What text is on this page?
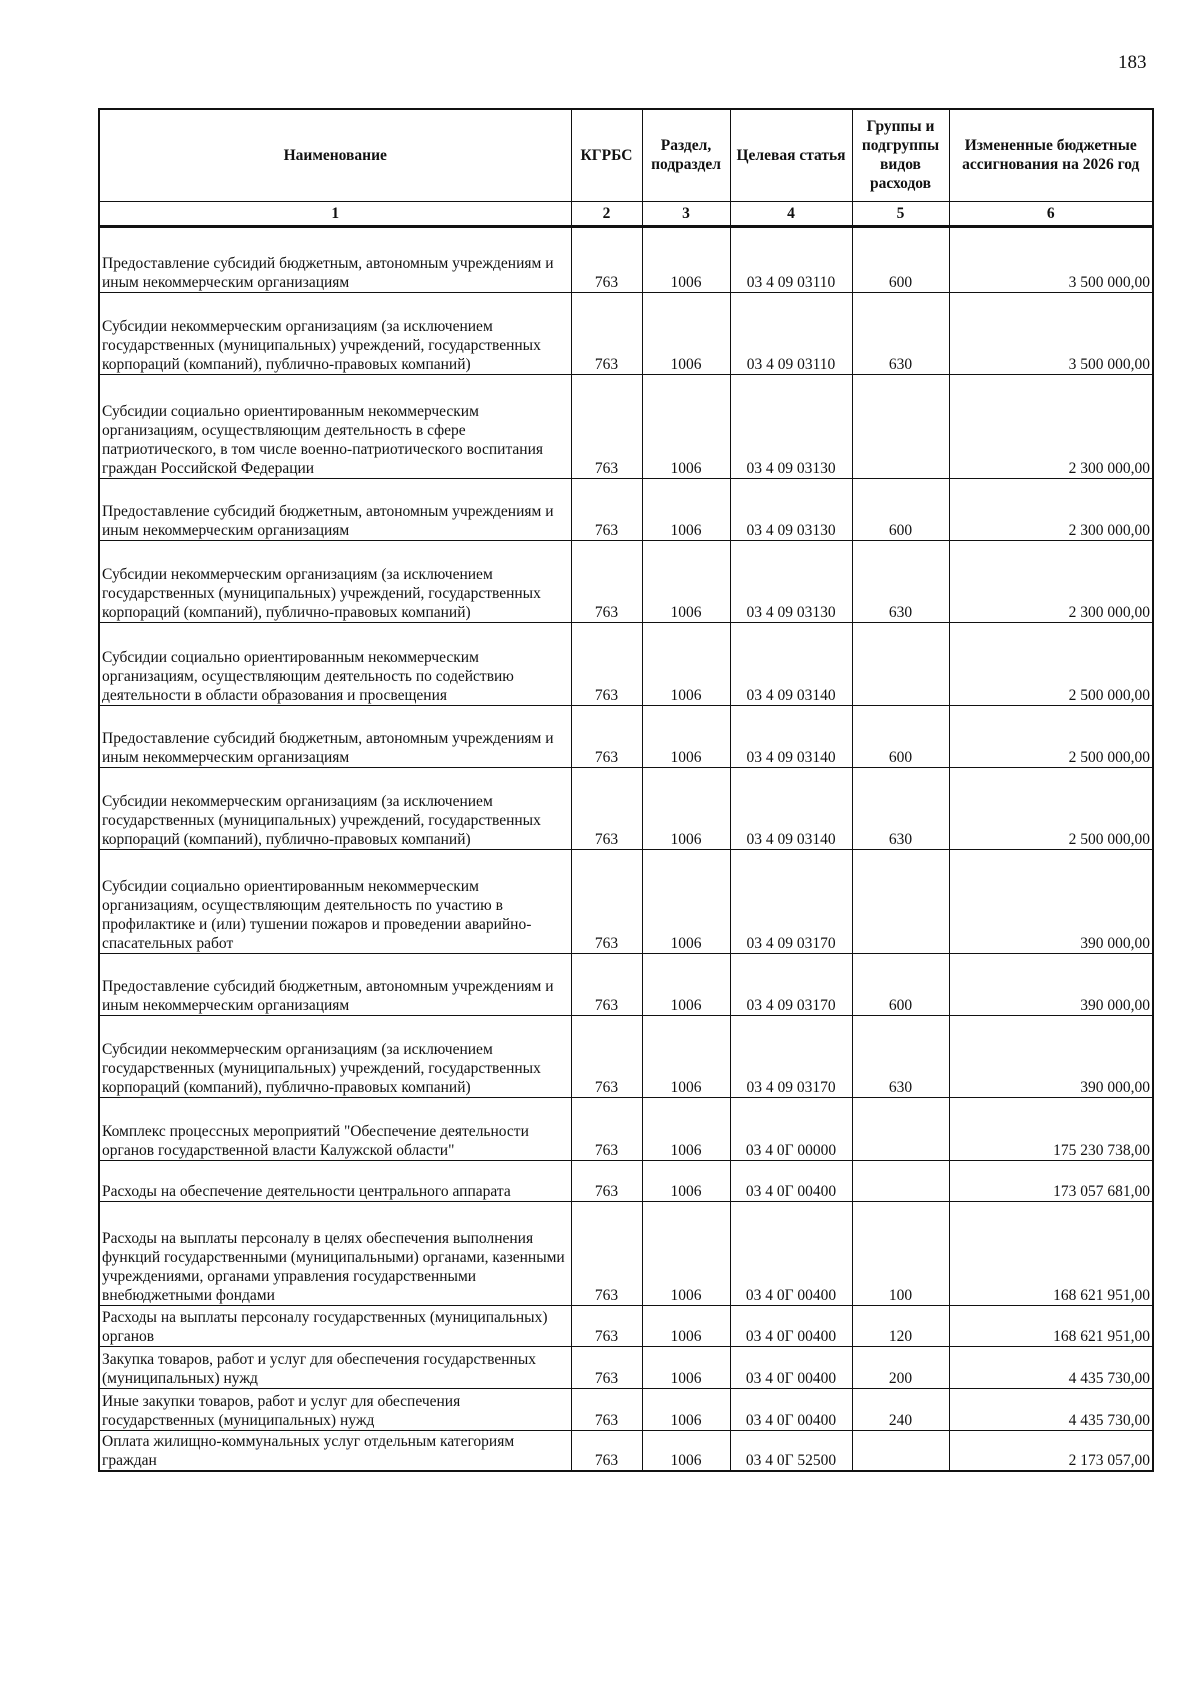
183
Наименование	КГРБС	Раздел, подраздел	Целевая статья	Группы и подгруппы видов расходов	Измененные бюджетные ассигнования на 2026 год
1	2	3	4	5	6
Предоставление субсидий бюджетным, автономным учреждениям и иным некоммерческим организациям	763	1006	03 4 09 03110	600	3 500 000,00
Субсидии некоммерческим организациям (за исключением государственных (муниципальных) учреждений, государственных корпораций (компаний), публично-правовых компаний)	763	1006	03 4 09 03110	630	3 500 000,00
Субсидии социально ориентированным некоммерческим организациям, осуществляющим деятельность в сфере патриотического, в том числе военно-патриотического воспитания граждан Российской Федерации	763	1006	03 4 09 03130		2 300 000,00
Предоставление субсидий бюджетным, автономным учреждениям и иным некоммерческим организациям	763	1006	03 4 09 03130	600	2 300 000,00
Субсидии некоммерческим организациям (за исключением государственных (муниципальных) учреждений, государственных корпораций (компаний), публично-правовых компаний)	763	1006	03 4 09 03130	630	2 300 000,00
Субсидии социально ориентированным некоммерческим организациям, осуществляющим деятельность по содействию деятельности в области образования и просвещения	763	1006	03 4 09 03140		2 500 000,00
Предоставление субсидий бюджетным, автономным учреждениям и иным некоммерческим организациям	763	1006	03 4 09 03140	600	2 500 000,00
Субсидии некоммерческим организациям (за исключением государственных (муниципальных) учреждений, государственных корпораций (компаний), публично-правовых компаний)	763	1006	03 4 09 03140	630	2 500 000,00
Субсидии социально ориентированным некоммерческим организациям, осуществляющим деятельность по участию в профилактике и (или) тушении пожаров и проведении аварийно-спасательных работ	763	1006	03 4 09 03170		390 000,00
Предоставление субсидий бюджетным, автономным учреждениям и иным некоммерческим организациям	763	1006	03 4 09 03170	600	390 000,00
Субсидии некоммерческим организациям (за исключением государственных (муниципальных) учреждений, государственных корпораций (компаний), публично-правовых компаний)	763	1006	03 4 09 03170	630	390 000,00
Комплекс процессных мероприятий "Обеспечение деятельности органов государственной власти Калужской области"	763	1006	03 4 0Г 00000		175 230 738,00
Расходы на обеспечение деятельности центрального аппарата	763	1006	03 4 0Г 00400		173 057 681,00
Расходы на выплаты персоналу в целях обеспечения выполнения функций государственными (муниципальными) органами, казенными учреждениями, органами управления государственными внебюджетными фондами	763	1006	03 4 0Г 00400	100	168 621 951,00
Расходы на выплаты персоналу государственных (муниципальных) органов	763	1006	03 4 0Г 00400	120	168 621 951,00
Закупка товаров, работ и услуг для обеспечения государственных (муниципальных) нужд	763	1006	03 4 0Г 00400	200	4 435 730,00
Иные закупки товаров, работ и услуг для обеспечения государственных (муниципальных) нужд	763	1006	03 4 0Г 00400	240	4 435 730,00
Оплата жилищно-коммунальных услуг отдельным категориям граждан	763	1006	03 4 0Г 52500		2 173 057,00
